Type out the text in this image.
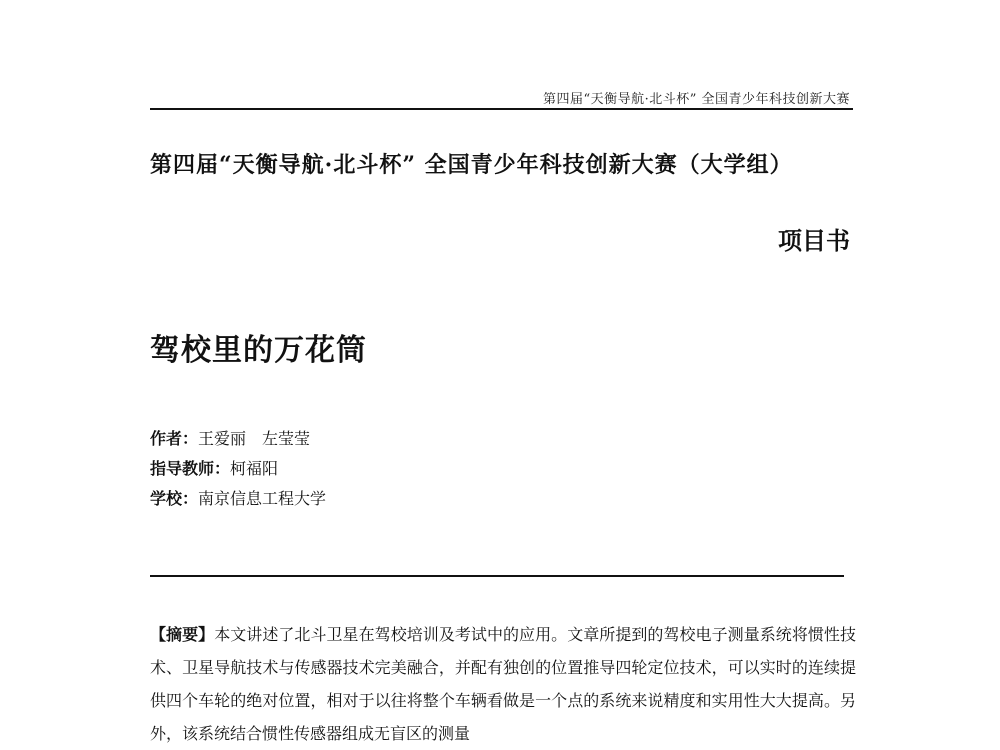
第四届“天衡导航·北斗杯” 全国青少年科技创新大赛
第四届“天衡导航·北斗杯” 全国青少年科技创新大赛（大学组）
项目书
驾校里的万花筒
作者：王爱丽　左莹莹
指导教师：柯福阳
学校：南京信息工程大学
【摘要】本文讲述了北斗卫星在驾校培训及考试中的应用。文章所提到的驾校电子测量系统将惯性技术、卫星导航技术与传感器技术完美融合，并配有独创的位置推导四轮定位技术，可以实时的连续提供四个车轮的绝对位置，相对于以往将整个车辆看做是一个点的系统来说精度和实用性大大提高。另外，该系统结合惯性传感器组成无盲区的测量
